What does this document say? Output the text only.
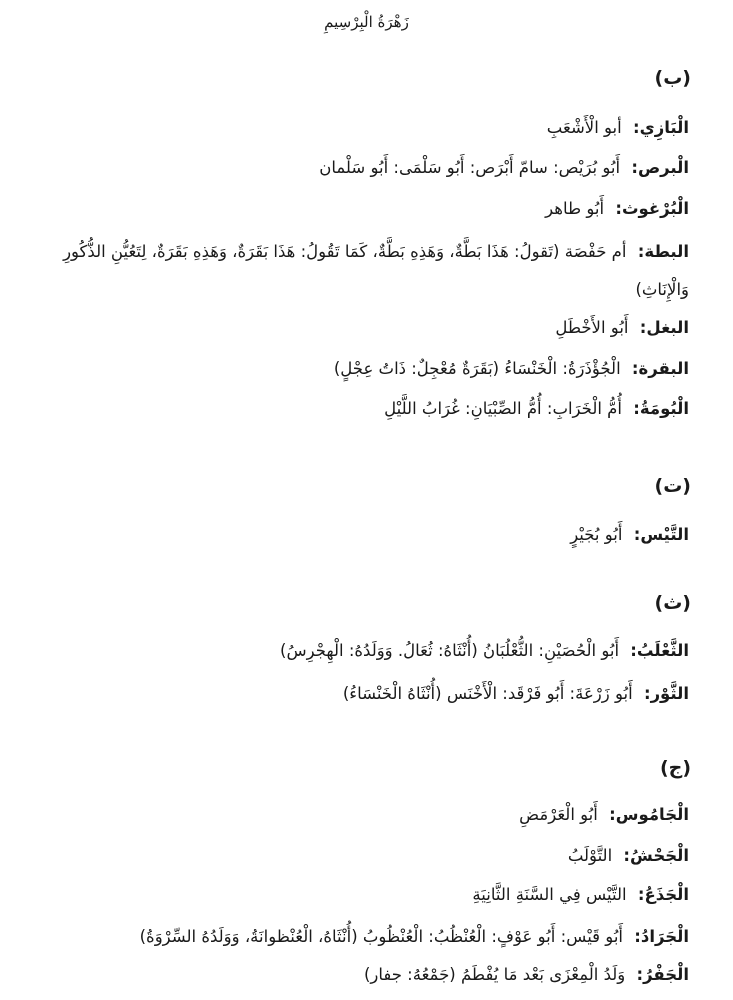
زَهْرَةُ الْبِرْسِيمِ
(ب)
الْبَازِي: أبو الْأَشْعَبِ
الْبرص: أَبُو بُرَيْص: سامّ أَبْرَص: أَبُو سَلْمَى: أَبُو سَلْمان
الْبُرْغوث: أَبُو طاهر
البطة: أم حَفْصَة (تَقولُ: هَذَا بَطَّةٌ، وَهَذِهِ بَطَّةٌ، كَمَا تَقُولُ: هَذَا بَقَرَةٌ، وَهَذِهِ بَقَرَةٌ، لِتَعُيُّنِ الذُّكُورِ وَالْإِنَاثِ)
البغل: أَبُو الأَخْطَلِ
البقرة: الْجُؤْذَرَةُ: الْخَنْسَاءُ (بَقَرَةٌ مُعْجِلٌ: ذَاتُ عِجْلٍ)
الْبُومَةُ: أُمُّ الْخَرَابِ: أُمُّ الصِّبْيَانِ: غُرَابُ اللَّيْلِ
(ت)
التَّيْس: أَبُو بُجَيْرٍ
(ث)
الثَّعْلَبُ: أَبُو الْحُصَيْنِ: الثُّعْلُبَانُ (أُنْثَاهُ: ثُعَالُ. وَوَلَدُهُ: الْهِجْرِسُ)
الثَّوْر: أَبُو زَرْعَةَ: أَبُو فَرْقَد: الْأَخْنَس (أُنْثَاهُ الْخَنْسَاءُ)
(ج)
الْجَامُوس: أَبُو الْعَرْمَضِ
الْجَحْشُ: التَّوْلَبُ
الْجَذَعُ: التَّيْس فِي السَّنَةِ الثَّانِيَةِ
الْجَرَادُ: أَبُو قَيْس: أَبُو عَوْفٍ: الْعُنْظُبُ: الْعُنْظُوبُ (أُنْثَاهُ، الْعُنْظوانَةُ، وَوَلَدُهُ السِّرْوَةُ)
الْجَفْرُ: وَلَدُ الْمِعْزَى بَعْد مَا يُفْطَمُ (جَمْعُهُ: جفار)
